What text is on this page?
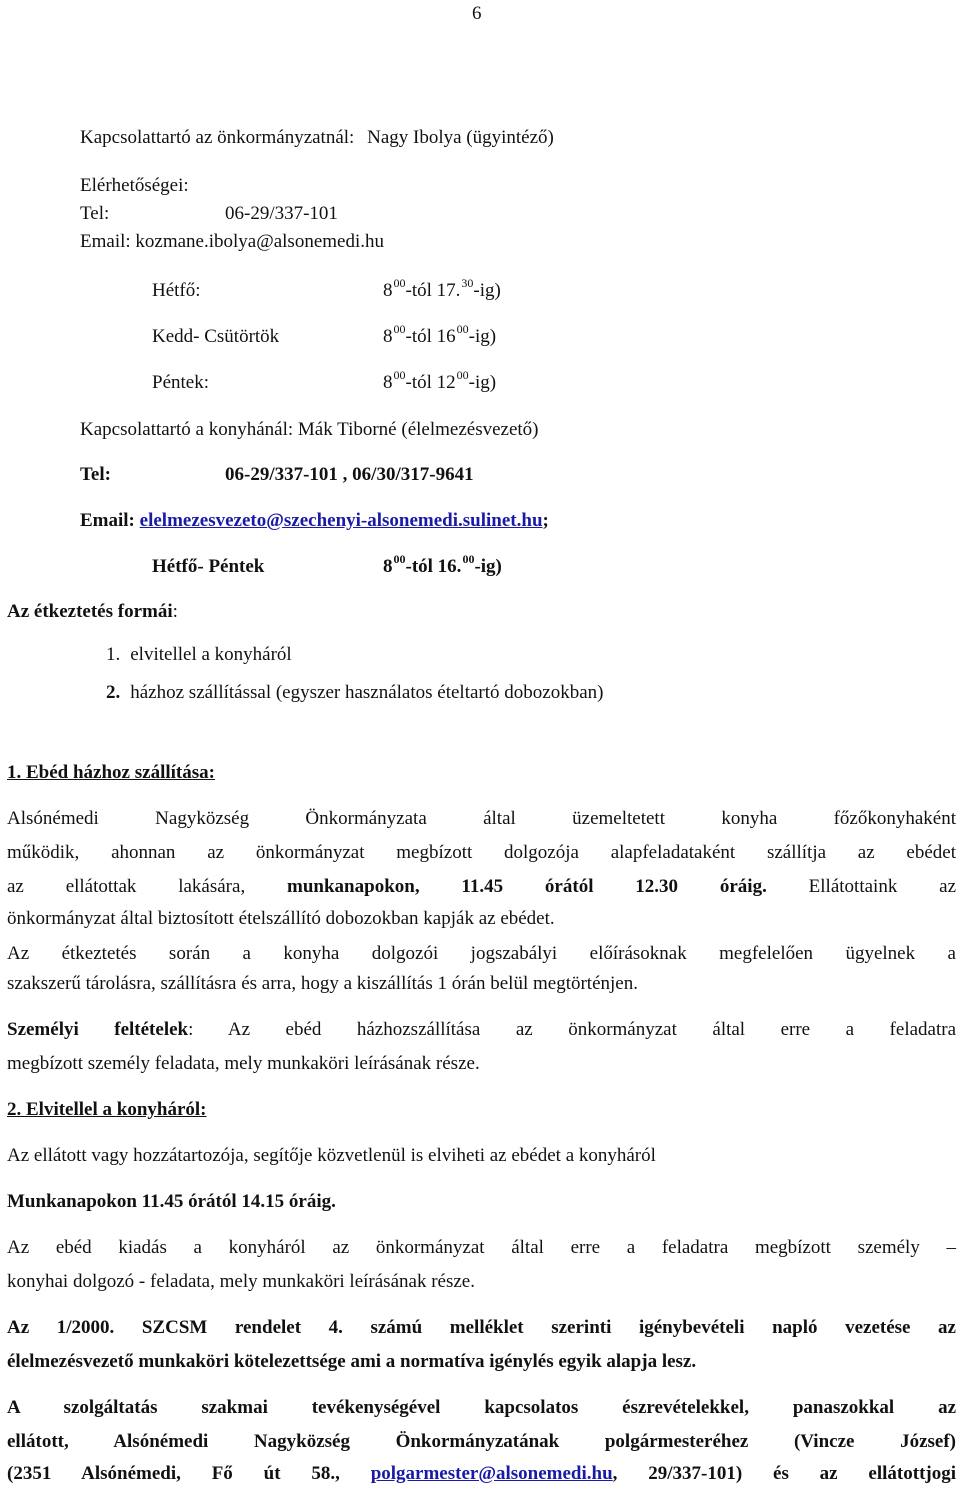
6
Kapcsolattartó az önkormányzatnál: Nagy Ibolya (ügyintéző)
Elérhetőségei:
Tel:	06-29/337-101
Email: kozmane.ibolya@alsonemedi.hu
Hétfő:	$8^{00}$-tól 17.30-ig)
Kedd- Csütörtök	$8^{00}$-tól $16^{00}-ig$)
Péntek:	$8^{00}$-tól $12^{00}-ig$)
Kapcsolattartó a konyhánál: Mák Tiborné (élelmezésvezető)
Tel:	06-29/337-101 , 06/30/317-9641
Email: elelmezesvezeto@szechenyi-alsonemedi.sulinet.hu;
Hétfő- Péntek	$8^{00}$-tól 16.00-ig)
Az étkeztetés formái:
1. elvitellel a konyháról
2. házhoz szállítással (egyszer használatos ételtartó dobozokban)
1. Ebéd házhoz szállítása:
Alsónémedi Nagyközség Önkormányzata által üzemeltetett konyha főzőkonyhaként
működik, ahonnan az önkormányzat megbízott dolgozója alapfeladataként szállítja az ebédet
az ellátottak lakására, munkanapokon, 11.45 órától 12.30 óráig. Ellátottaink az
önkormányzat által biztosított ételszállító dobozokban kapják az ebédet.
Az étkeztetés során a konyha dolgozói jogszabályi előírásoknak megfelelően ügyelnek a
szakszerű tárolásra, szállításra és arra, hogy a kiszállítás 1 órán belül megtörténjen.
Személyi feltételek: Az ebéd házhozszállítása az önkormányzat által erre a feladatra
megbízott személy feladata, mely munkaköri leírásának része.
2. Elvitellel a konyháról:
Az ellátott vagy hozzátartozója, segítője közvetlenül is elviheti az ebédet a konyháról
Munkanapokon 11.45 órától 14.15 óráig.
Az ebéd kiadás a konyháról az önkormányzat által erre a feladatra megbízott személy –
konyhai dolgozó - feladata, mely munkaköri leírásának része.
Az 1/2000. SZCSM rendelet 4. számú melléklet szerinti igénybevételi napló vezetése az
élelmezésvezető munkaköri kötelezettsége ami a normatíva igénylés egyik alapja lesz.
A szolgáltatás szakmai tevékenységével kapcsolatos észrevételekkel, panaszokkal az
ellátott, Alsónémedi Nagyközség Önkormányzatának polgármesteréhez (Vincze József)
(2351 Alsónémedi, Fő út 58., polgarmester@alsonemedi.hu, 29/337-101) és az ellátottjogi
